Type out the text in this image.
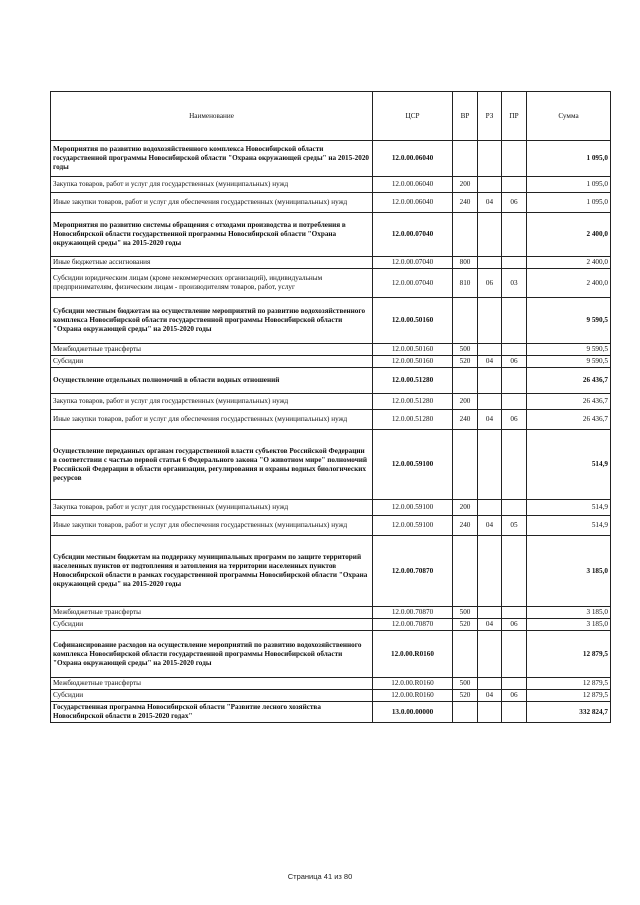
Наименование	ЦСР	ВР	РЗ	ПР	Сумма
Мероприятия по развитию водохозяйственного комплекса Новосибирской области государственной программы Новосибирской области "Охрана окружающей среды" на 2015-2020 годы	12.0.00.06040				1 095,0
Закупка товаров, работ и услуг для государственных (муниципальных) нужд	12.0.00.06040	200			1 095,0
Иные закупки товаров, работ и услуг для обеспечения государственных (муниципальных) нужд	12.0.00.06040	240	04	06	1 095,0
Мероприятия по развитию системы обращения с отходами производства и потребления в Новосибирской области государственной программы Новосибирской области "Охрана окружающей среды" на 2015-2020 годы	12.0.00.07040				2 400,0
Иные бюджетные ассигнования	12.0.00.07040	800			2 400,0
Субсидии юридическим лицам (кроме некоммерческих организаций), индивидуальным предпринимателям, физическим лицам - производителям товаров, работ, услуг	12.0.00.07040	810	06	03	2 400,0
Субсидии местным бюджетам на осуществление мероприятий по развитию водохозяйственного комплекса Новосибирской области государственной программы Новосибирской области "Охрана окружающей среды" на 2015-2020 годы	12.0.00.50160				9 590,5
Межбюджетные трансферты	12.0.00.50160	500			9 590,5
Субсидии	12.0.00.50160	520	04	06	9 590,5
Осуществление отдельных полномочий в области водных отношений	12.0.00.51280				26 436,7
Закупка товаров, работ и услуг для государственных (муниципальных) нужд	12.0.00.51280	200			26 436,7
Иные закупки товаров, работ и услуг для обеспечения государственных (муниципальных) нужд	12.0.00.51280	240	04	06	26 436,7
Осуществление переданных органам государственной власти субъектов Российской Федерации в соответствии с частью первой статьи 6 Федерального закона "О животном мире" полномочий Российской Федерации в области организации, регулирования и охраны водных биологических ресурсов	12.0.00.59100				514,9
Закупка товаров, работ и услуг для государственных (муниципальных) нужд	12.0.00.59100	200			514,9
Иные закупки товаров, работ и услуг для обеспечения государственных (муниципальных) нужд	12.0.00.59100	240	04	05	514,9
Субсидии местным бюджетам на поддержку муниципальных программ по защите территорий населенных пунктов от подтопления и затопления на территории населенных пунктов Новосибирской области в рамках государственной программы Новосибирской области "Охрана окружающей среды" на 2015-2020 годы	12.0.00.70870				3 185,0
Межбюджетные трансферты	12.0.00.70870	500			3 185,0
Субсидии	12.0.00.70870	520	04	06	3 185,0
Софинансирование расходов на осуществление мероприятий по развитию водохозяйственного комплекса Новосибирской области государственной программы Новосибирской области "Охрана окружающей среды" на 2015-2020 годы	12.0.00.R0160				12 879,5
Межбюджетные трансферты	12.0.00.R0160	500			12 879,5
Субсидии	12.0.00.R0160	520	04	06	12 879,5
Государственная программа Новосибирской области "Развитие лесного хозяйства Новосибирской области в 2015-2020 годах"	13.0.00.00000				332 824,7
Страница 41 из 80
